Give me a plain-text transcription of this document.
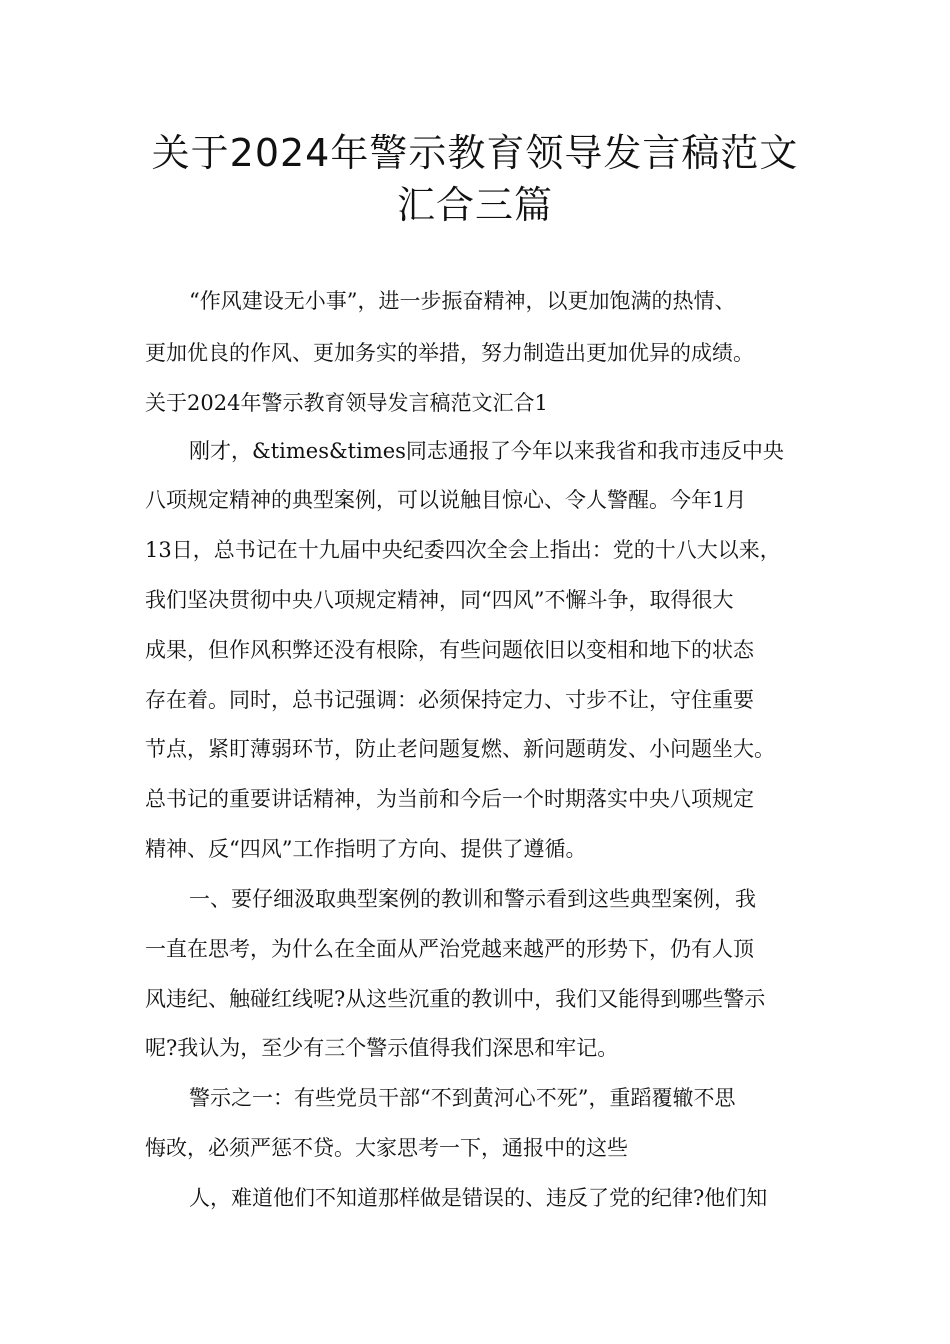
关于2024年警示教育领导发言稿范文
汇合三篇
“作风建设无小事”，进一步振奋精神，以更加饱满的热情、
更加优良的作风、更加务实的举措，努力制造出更加优异的成绩。
关于2024年警示教育领导发言稿范文汇合1
刚才，&times&times同志通报了今年以来我省和我市违反中央
八项规定精神的典型案例，可以说触目惊心、令人警醒。今年1月
13日，总书记在十九届中央纪委四次全会上指出：党的十八大以来，
我们坚决贯彻中央八项规定精神，同“四风”不懈斗争，取得很大
成果，但作风积弊还没有根除，有些问题依旧以变相和地下的状态
存在着。同时，总书记强调：必须保持定力、寸步不让，守住重要
节点，紧盯薄弱环节，防止老问题复燃、新问题萌发、小问题坐大。
总书记的重要讲话精神，为当前和今后一个时期落实中央八项规定
精神、反“四风”工作指明了方向、提供了遵循。
一、要仔细汲取典型案例的教训和警示看到这些典型案例，我
一直在思考，为什么在全面从严治党越来越严的形势下，仍有人顶
风违纪、触碰红线呢?从这些沉重的教训中，我们又能得到哪些警示
呢?我认为，至少有三个警示值得我们深思和牢记。
警示之一：有些党员干部“不到黄河心不死”，重蹈覆辙不思
悔改，必须严惩不贷。大家思考一下，通报中的这些
人，难道他们不知道那样做是错误的、违反了党的纪律?他们知
